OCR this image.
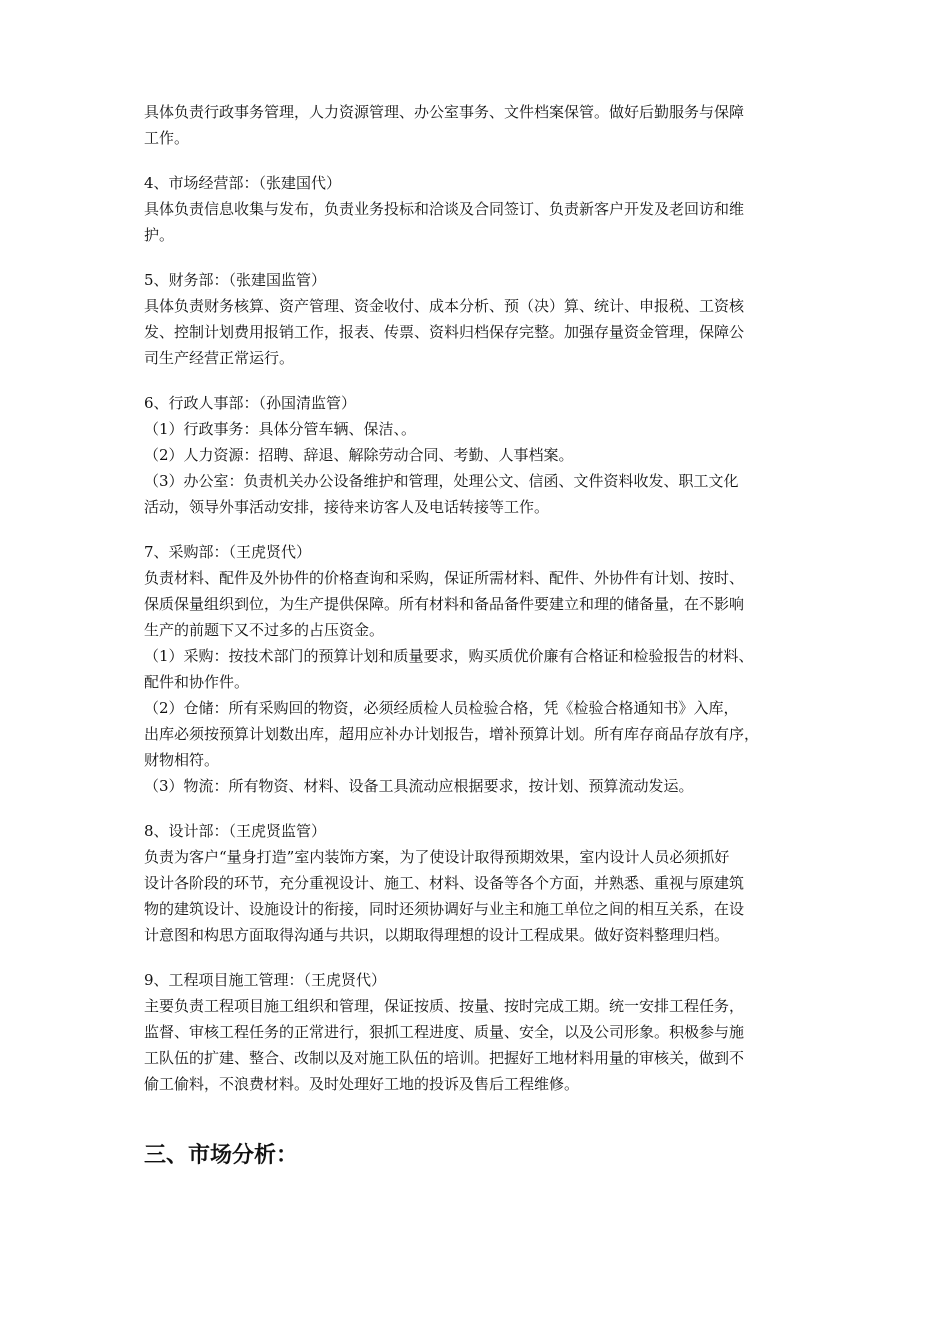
具体负责行政事务管理，人力资源管理、办公室事务、文件档案保管。做好后勤服务与保障
工作。
4、市场经营部：（张建国代）
具体负责信息收集与发布，负责业务投标和洽谈及合同签订、负责新客户开发及老回访和维
护。
5、财务部：（张建国监管）
具体负责财务核算、资产管理、资金收付、成本分析、预（决）算、统计、申报税、工资核
发、控制计划费用报销工作，报表、传票、资料归档保存完整。加强存量资金管理，保障公
司生产经营正常运行。
6、行政人事部：（孙国清监管）
（1）行政事务：具体分管车辆、保洁、。
（2）人力资源：招聘、辞退、解除劳动合同、考勤、人事档案。
（3）办公室：负责机关办公设备维护和管理，处理公文、信函、文件资料收发、职工文化
活动，领导外事活动安排，接待来访客人及电话转接等工作。
7、采购部：（王虎贤代）
负责材料、配件及外协件的价格查询和采购，保证所需材料、配件、外协件有计划、按时、
保质保量组织到位，为生产提供保障。所有材料和备品备件要建立和理的储备量，在不影响
生产的前题下又不过多的占压资金。
（1）采购：按技术部门的预算计划和质量要求，购买质优价廉有合格证和检验报告的材料、
配件和协作件。
（2）仓储：所有采购回的物资，必须经质检人员检验合格，凭《检验合格通知书》入库，
出库必须按预算计划数出库，超用应补办计划报告，增补预算计划。所有库存商品存放有序，
财物相符。
（3）物流：所有物资、材料、设备工具流动应根据要求，按计划、预算流动发运。
8、设计部：（王虎贤监管）
负责为客户“量身打造”室内装饰方案，为了使设计取得预期效果，室内设计人员必须抓好
设计各阶段的环节，充分重视设计、施工、材料、设备等各个方面，并熟悉、重视与原建筑
物的建筑设计、设施设计的衔接，同时还须协调好与业主和施工单位之间的相互关系，在设
计意图和构思方面取得沟通与共识，以期取得理想的设计工程成果。做好资料整理归档。
9、工程项目施工管理：（王虎贤代）
主要负责工程项目施工组织和管理，保证按质、按量、按时完成工期。统一安排工程任务，
监督、审核工程任务的正常进行，狠抓工程进度、质量、安全，以及公司形象。积极参与施
工队伍的扩建、整合、改制以及对施工队伍的培训。把握好工地材料用量的审核关，做到不
偷工偷料，不浪费材料。及时处理好工地的投诉及售后工程维修。
三、市场分析：
